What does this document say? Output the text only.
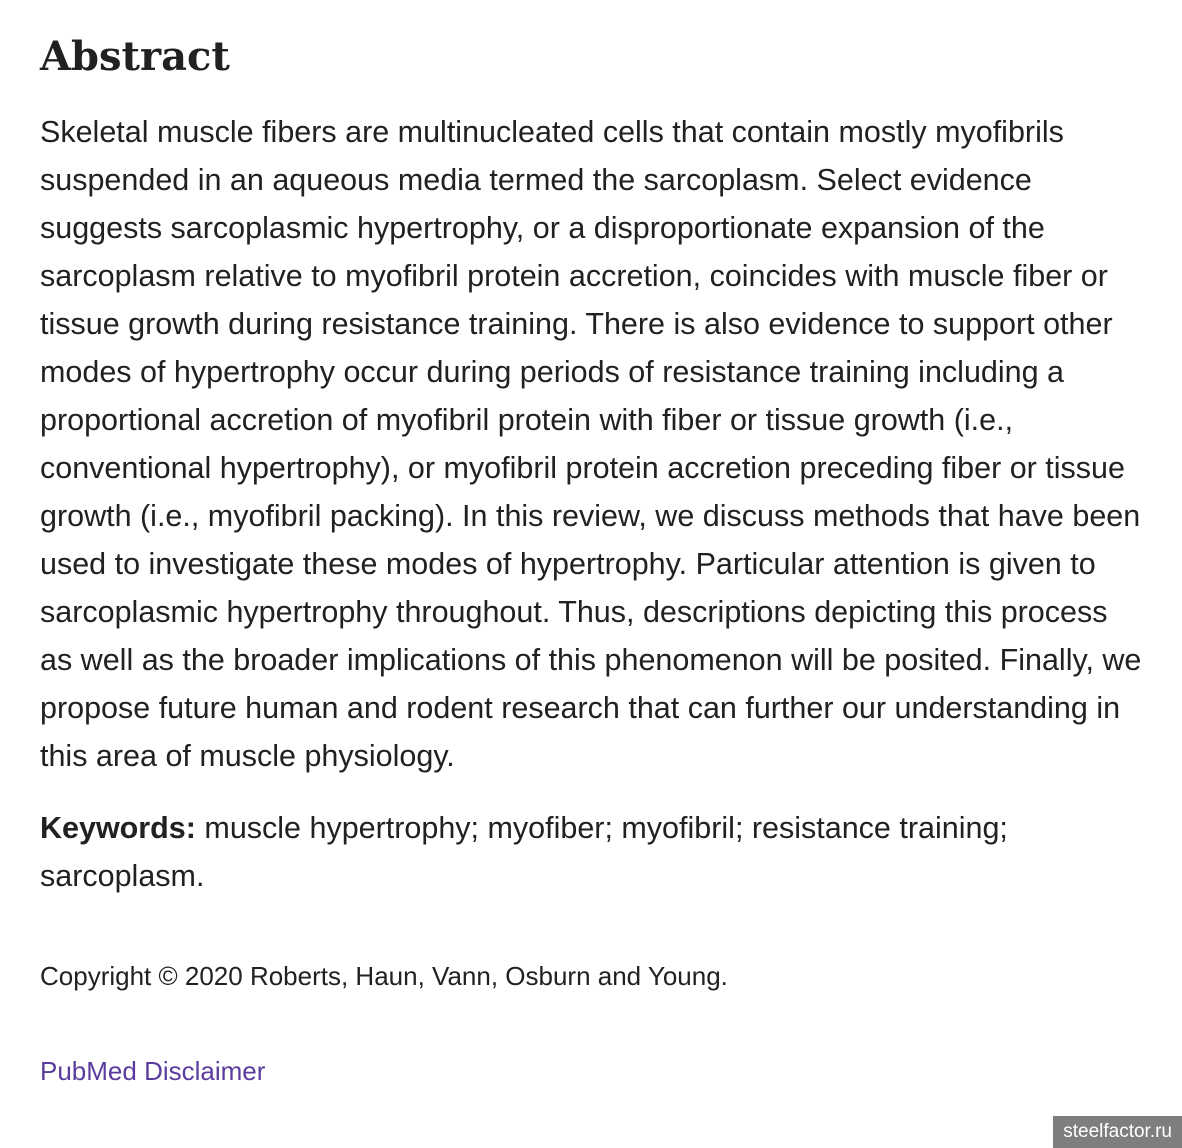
Abstract

Skeletal muscle fibers are multinucleated cells that contain mostly myofibrils suspended in an aqueous media termed the sarcoplasm. Select evidence suggests sarcoplasmic hypertrophy, or a disproportionate expansion of the sarcoplasm relative to myofibril protein accretion, coincides with muscle fiber or tissue growth during resistance training. There is also evidence to support other modes of hypertrophy occur during periods of resistance training including a proportional accretion of myofibril protein with fiber or tissue growth (i.e., conventional hypertrophy), or myofibril protein accretion preceding fiber or tissue growth (i.e., myofibril packing). In this review, we discuss methods that have been used to investigate these modes of hypertrophy. Particular attention is given to sarcoplasmic hypertrophy throughout. Thus, descriptions depicting this process as well as the broader implications of this phenomenon will be posited. Finally, we propose future human and rodent research that can further our understanding in this area of muscle physiology.

Keywords: muscle hypertrophy; myofiber; myofibril; resistance training; sarcoplasm.

Copyright © 2020 Roberts, Haun, Vann, Osburn and Young.

PubMed Disclaimer
steelfactor.ru
